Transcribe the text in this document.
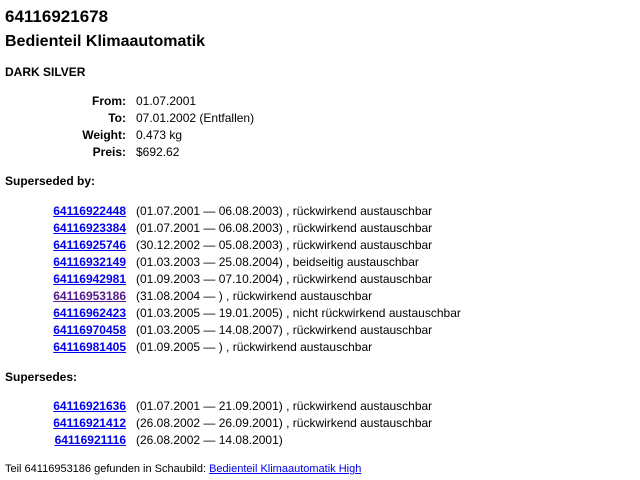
64116921678
Bedienteil Klimaautomatik
DARK SILVER
From: 01.07.2001
To: 07.01.2002 (Entfallen)
Weight: 0.473 kg
Preis: $692.62
Superseded by:
64116922448 (01.07.2001 — 06.08.2003) , rückwirkend austauschbar
64116923384 (01.07.2001 — 06.08.2003) , rückwirkend austauschbar
64116925746 (30.12.2002 — 05.08.2003) , rückwirkend austauschbar
64116932149 (01.03.2003 — 25.08.2004) , beidseitig austauschbar
64116942981 (01.09.2003 — 07.10.2004) , rückwirkend austauschbar
64116953186 (31.08.2004 — ) , rückwirkend austauschbar
64116962423 (01.03.2005 — 19.01.2005) , nicht rückwirkend austauschbar
64116970458 (01.03.2005 — 14.08.2007) , rückwirkend austauschbar
64116981405 (01.09.2005 — ) , rückwirkend austauschbar
Supersedes:
64116921636 (01.07.2001 — 21.09.2001) , rückwirkend austauschbar
64116921412 (26.08.2002 — 26.09.2001) , rückwirkend austauschbar
64116921116 (26.08.2002 — 14.08.2001)
Teil 64116953186 gefunden in Schaubild: Bedienteil Klimaautomatik High
